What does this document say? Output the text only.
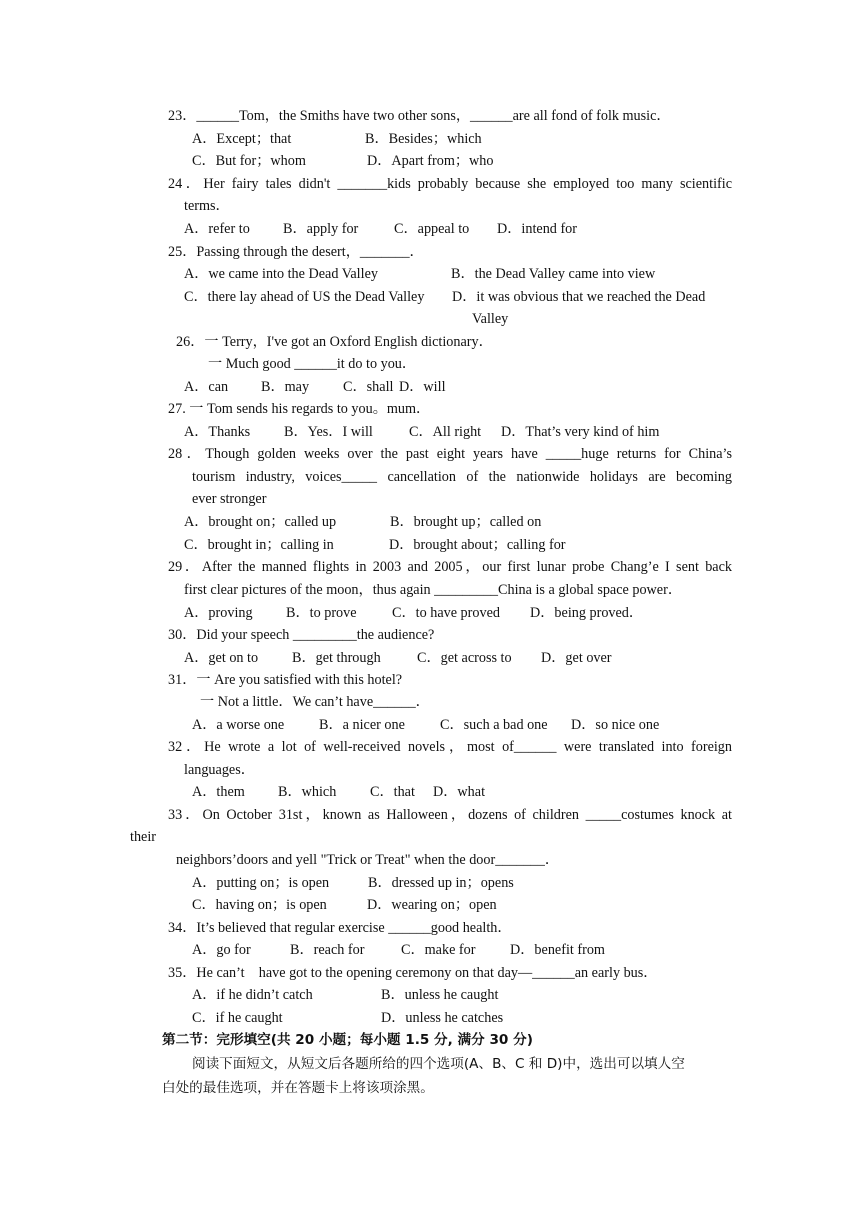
23．______Tom，the Smiths have two other sons，______are all fond of folk music．
A．Except；that	B．Besides；which
C．But for；whom	D．Apart from；who
24．Her fairy tales didn't _______kids probably because she employed too many scientific
terms．
A．refer to B．apply for	C．appeal to D．intend for
25．Passing through the desert，_______．
A．we came into the Dead Valley	B．the Dead Valley came into view
C．there lay ahead of US the Dead Valley D．it was obvious that we reached the Dead
Valley
26．一 Terry，I've got an Oxford English dictionary．
一 Much good ______it do to you．
A．can B．may C．shall D．will
27. 一 Tom sends his regards to you。mum．
A．Thanks B．Yes．I will	C．All right D．That’s very kind of him
28．Though golden weeks over the past eight years have _____huge returns for China’s
tourism industry, voices_____ cancellation of the nationwide holidays are becoming
ever stronger
A．brought on；called up	B．brought up；called on
C．brought in；calling in	D．brought about；calling for
29．After the manned flights in 2003 and 2005，our first lunar probe Chang’e I sent back
first clear pictures of the moon，thus again _________China is a global space power．
A．proving B．to prove C．to have proved D．being proved．
30．Did your speech _________the audience?
A．get on to B．get through	C．get across to D．get over
31．一 Are you satisfied with this hotel?
一 Not a little．We can’t have______．
A．a worse one B．a nicer one C．such a bad one D．so nice one
32．He wrote a lot of well-received novels，most of______ were translated into foreign
languages．
A．them B．which C．that D．what
33．On October 31st，known as Halloween，dozens of children _____costumes knock at
their
neighbors’doors and yell "Trick or Treat" when the door_______．
A．putting on；is open	B．dressed up in；opens
C．having on；is open	D．wearing on；open
34．It’s believed that regular exercise ______good health．
A．go for	B．reach for	C．make for D．benefit from
35．He can’t　have got to the opening ceremony on that day—______an early bus．
A．if he didn’t catch	B．unless he caught
C．if he caught	D．unless he catches
第二节：完形填空(共 20 小题；每小题 1.5 分, 满分 30 分)
阅读下面短文，从短文后各题所给的四个选项(A、B、C 和 D)中，选出可以填人空
白处的最佳选项，并在答题卡上将该项涂黑。
